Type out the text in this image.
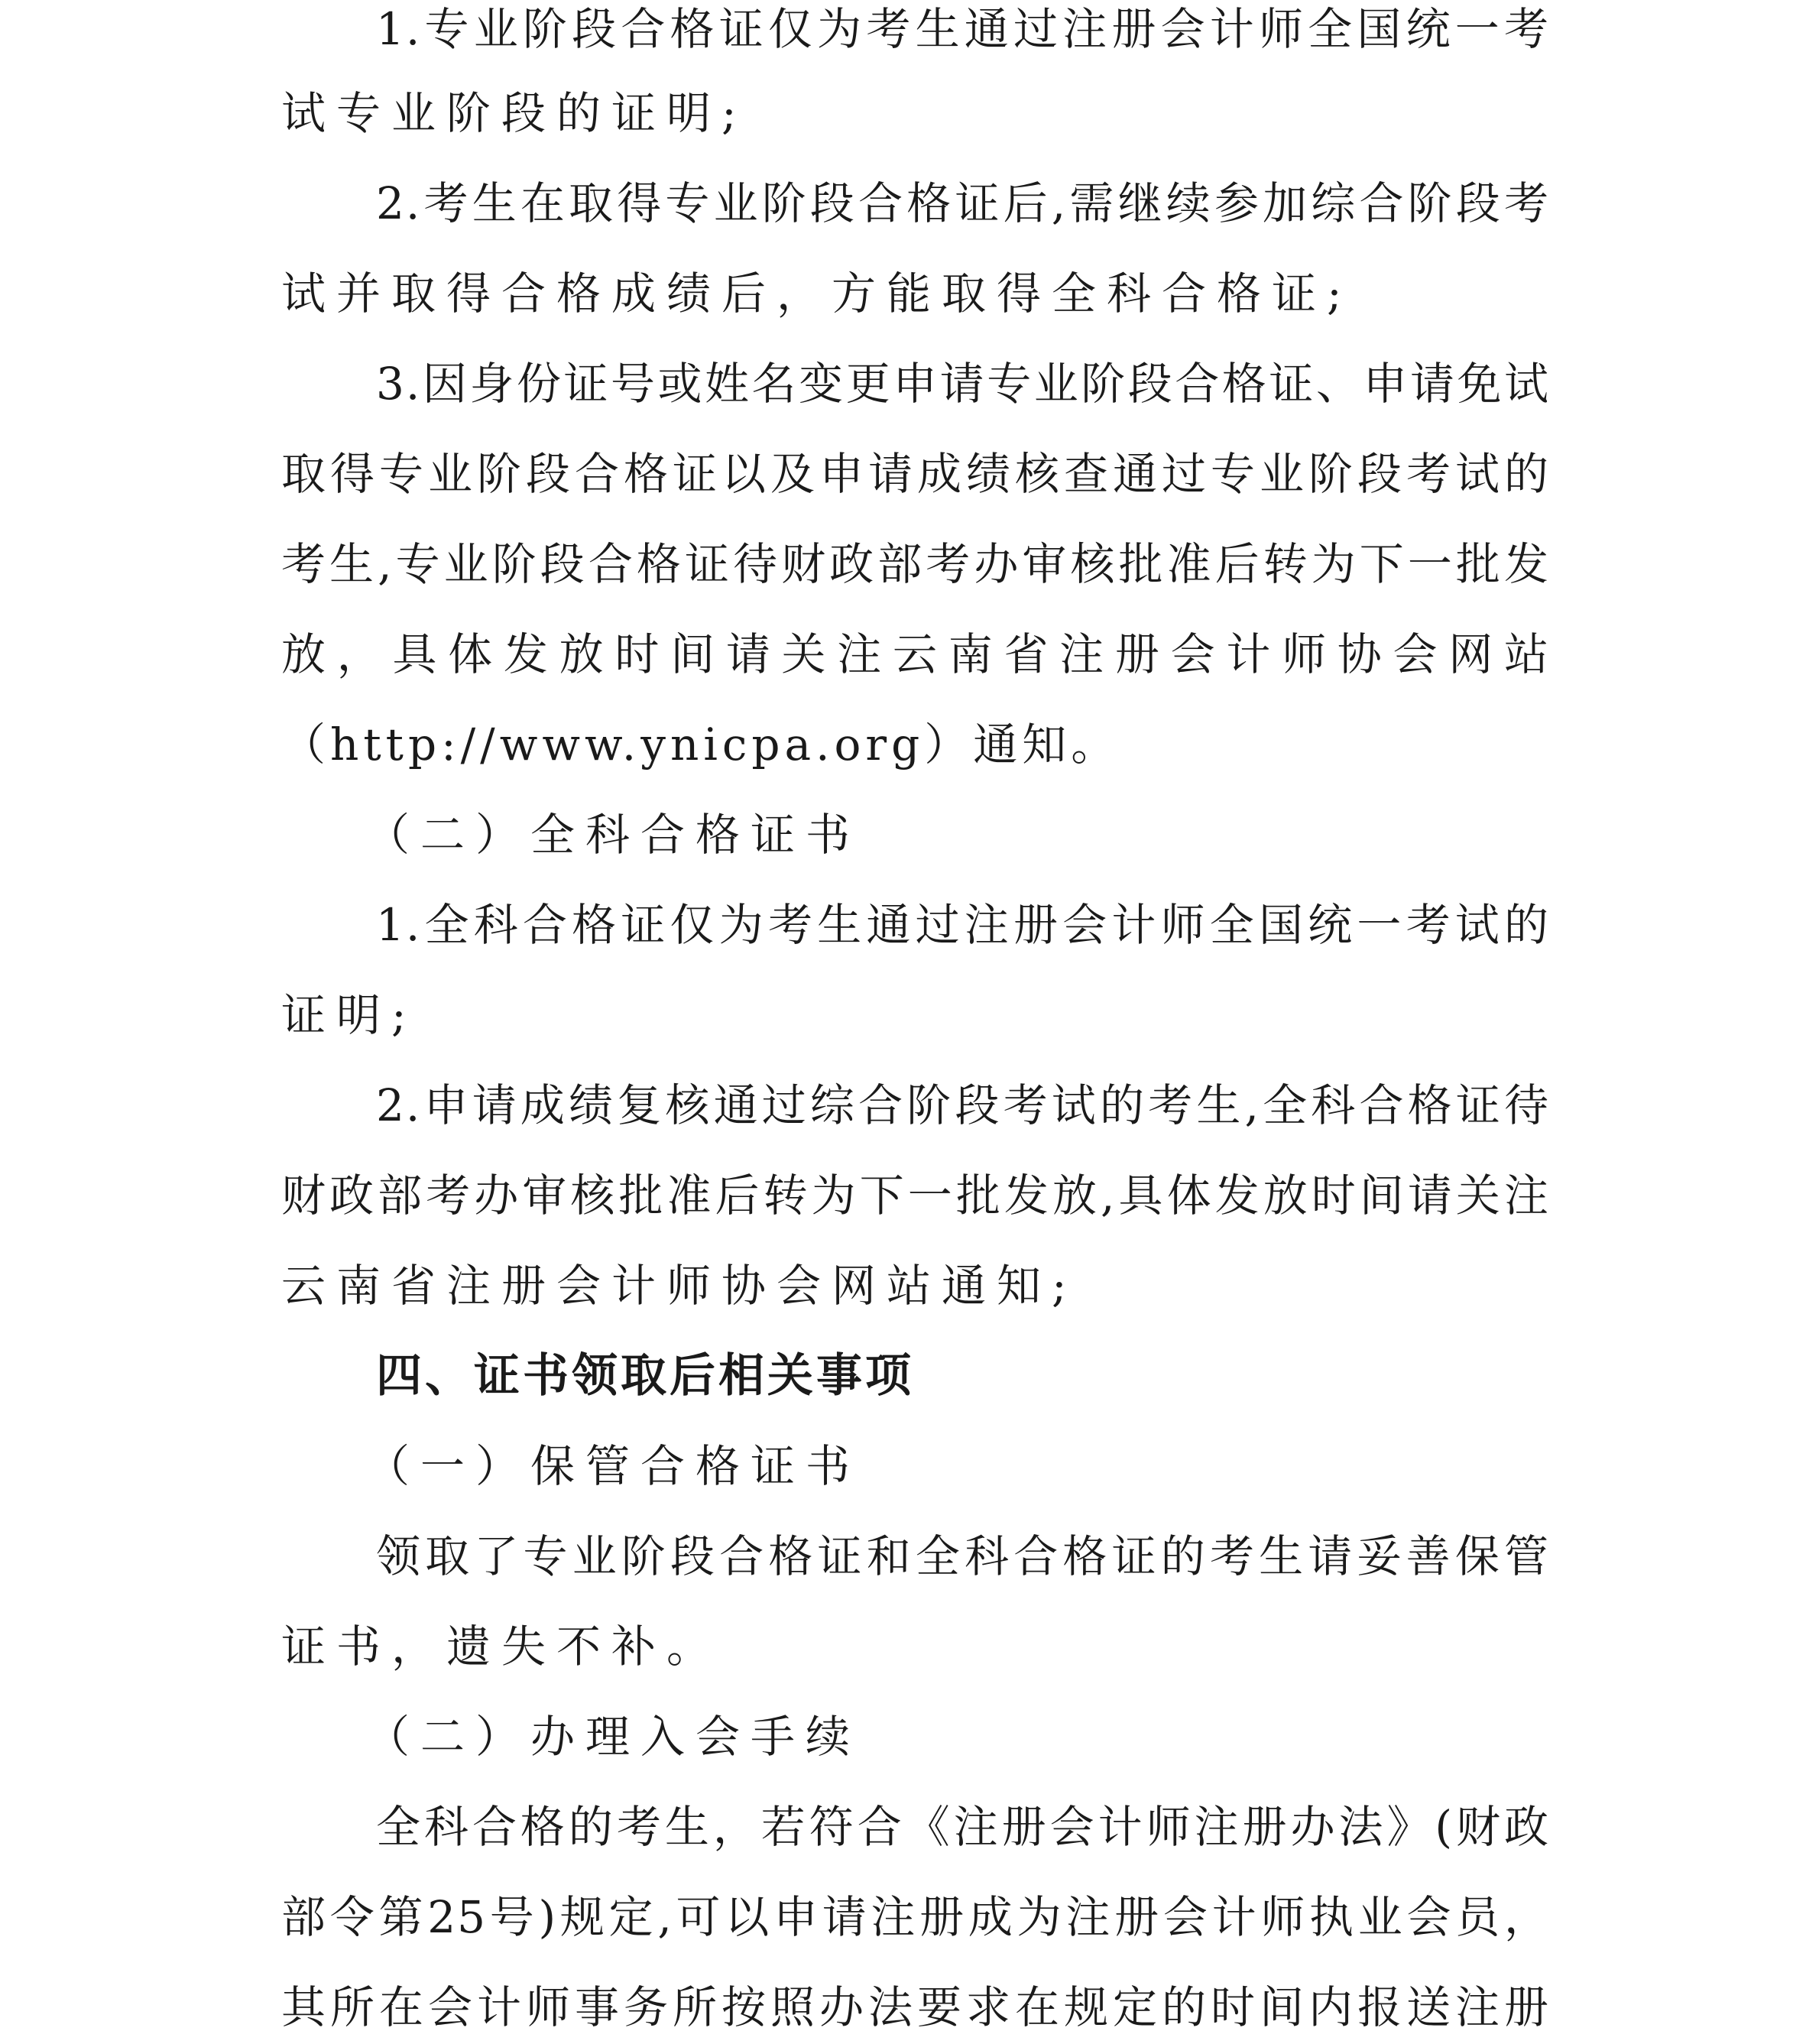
1.专业阶段合格证仅为考生通过注册会计师全国统一考
试专业阶段的证明;
2.考生在取得专业阶段合格证后,需继续参加综合阶段考
试并取得合格成绩后，方能取得全科合格证;
3.因身份证号或姓名变更申请专业阶段合格证、申请免试
取得专业阶段合格证以及申请成绩核查通过专业阶段考试的
考生,专业阶段合格证待财政部考办审核批准后转为下一批发
放，具体发放时间请关注云南省注册会计师协会网站
（http://www.ynicpa.org）通知。
（二）全科合格证书
1.全科合格证仅为考生通过注册会计师全国统一考试的
证明;
2.申请成绩复核通过综合阶段考试的考生,全科合格证待
财政部考办审核批准后转为下一批发放,具体发放时间请关注
云南省注册会计师协会网站通知;
四、证书领取后相关事项
（一）保管合格证书
领取了专业阶段合格证和全科合格证的考生请妥善保管
证书，遗失不补。
（二）办理入会手续
全科合格的考生，若符合《注册会计师注册办法》(财政
部令第25号)规定,可以申请注册成为注册会计师执业会员，
其所在会计师事务所按照办法要求在规定的时间内报送注册
